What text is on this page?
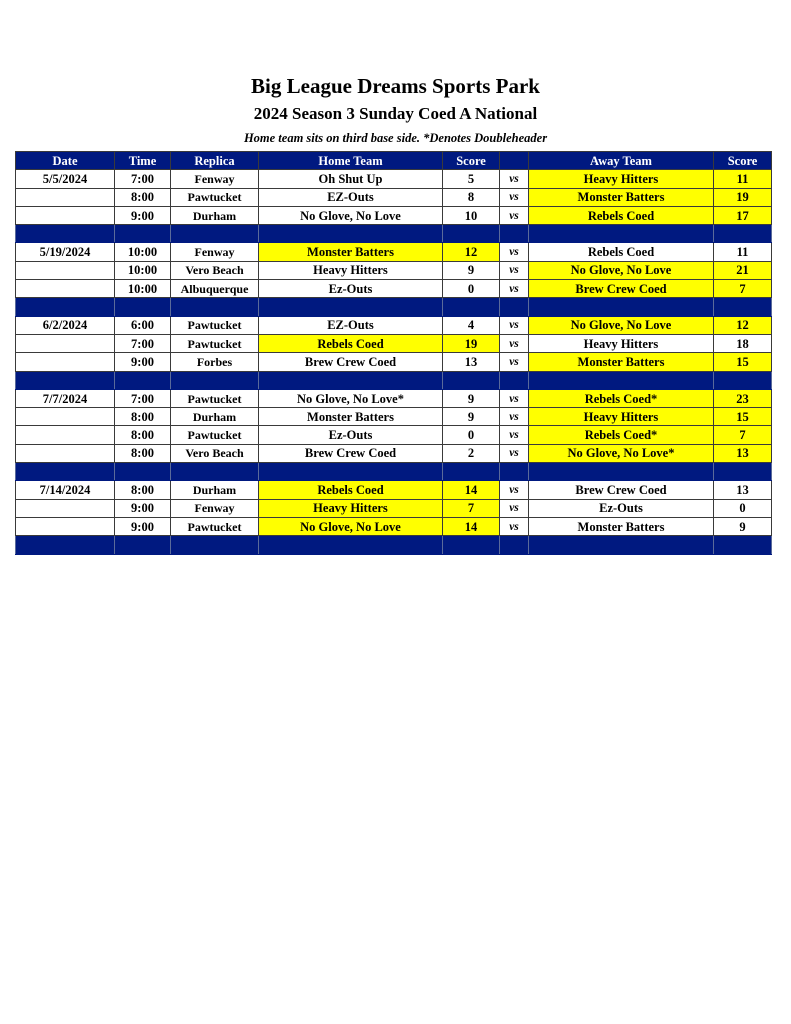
Big League Dreams Sports Park
2024 Season 3 Sunday Coed A National
Home team sits on third base side. *Denotes Doubleheader
Date	Time	Replica	Home Team	Score		Away Team	Score
5/5/2024	7:00	Fenway	Oh Shut Up	5	vs	Heavy Hitters	11
	8:00	Pawtucket	EZ-Outs	8	vs	Monster Batters	19
	9:00	Durham	No Glove, No Love	10	vs	Rebels Coed	17

5/19/2024	10:00	Fenway	Monster Batters	12	vs	Rebels Coed	11
	10:00	Vero Beach	Heavy Hitters	9	vs	No Glove, No Love	21
	10:00	Albuquerque	Ez-Outs	0	vs	Brew Crew Coed	7

6/2/2024	6:00	Pawtucket	EZ-Outs	4	vs	No Glove, No Love	12
	7:00	Pawtucket	Rebels Coed	19	vs	Heavy Hitters	18
	9:00	Forbes	Brew Crew Coed	13	vs	Monster Batters	15

7/7/2024	7:00	Pawtucket	No Glove, No Love*	9	vs	Rebels Coed*	23
	8:00	Durham	Monster Batters	9	vs	Heavy Hitters	15
	8:00	Pawtucket	Ez-Outs	0	vs	Rebels Coed*	7
	8:00	Vero Beach	Brew Crew Coed	2	vs	No Glove, No Love*	13

7/14/2024	8:00	Durham	Rebels Coed	14	vs	Brew Crew Coed	13
	9:00	Fenway	Heavy Hitters	7	vs	Ez-Outs	0
	9:00	Pawtucket	No Glove, No Love	14	vs	Monster Batters	9
